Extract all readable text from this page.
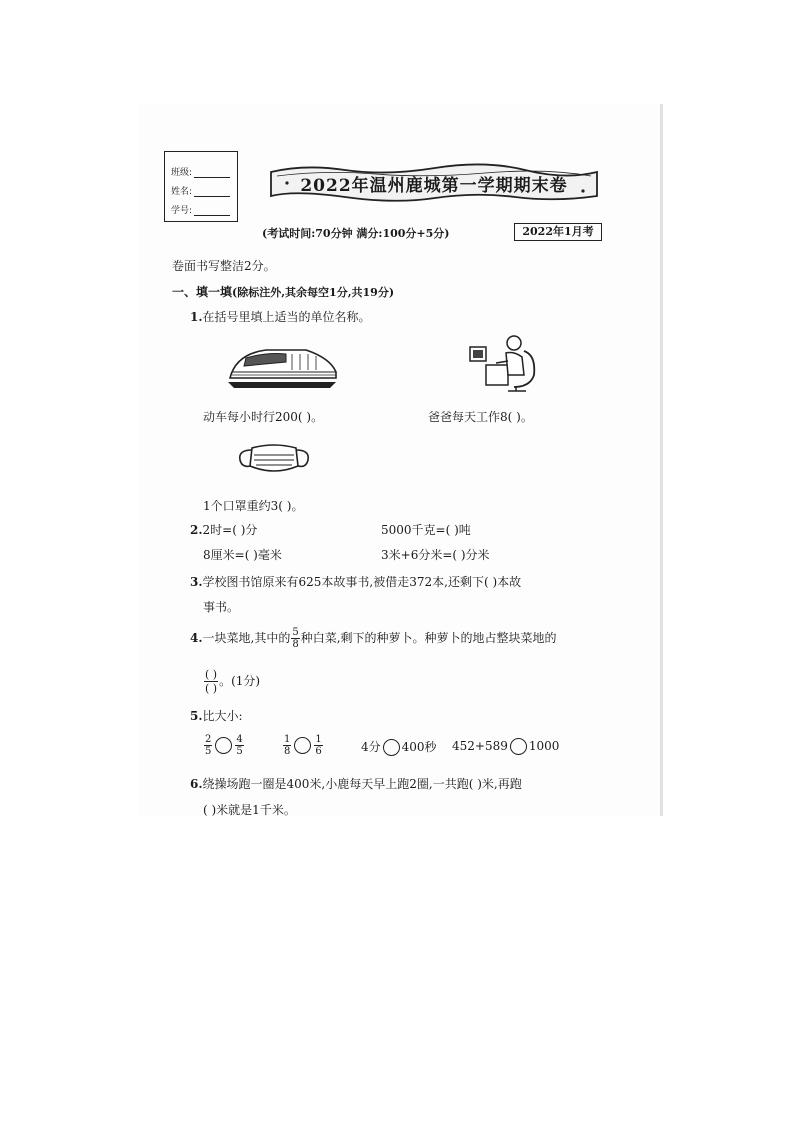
班级:
姓名:
学号:
2022年温州鹿城第一学期期末卷
(考试时间:70分钟 满分:100分+5分)	2022年1月考
卷面书写整洁2分。
一、填一填(除标注外,其余每空1分,共19分)
1.在括号里填上适当的单位名称。
动车每小时行200( )。	爸爸每天工作8( )。
1个口罩重约3( )。
2.2时=( )分	5000千克=( )吨
8厘米=( )毫米	3米+6分米=( )分米
3.学校图书馆原来有625本故事书,被借走372本,还剩下( )本故
事书。
4.一块菜地,其中的 $\frac{5}{8}$ 种白菜,剩下的种萝卜。种萝卜的地占整块菜地的
$\frac{( )}{( )}$ 。(1分)
5.比大小:
$\frac{2}{5} \frac{4}{5}$	$\frac{1}{8} \frac{1}{6}$	4分 400秒 452+589 1000
6.绕操场跑一圈是400米,小鹿每天早上跑2圈,一共跑( )米,再跑
( )米就是1千米。
